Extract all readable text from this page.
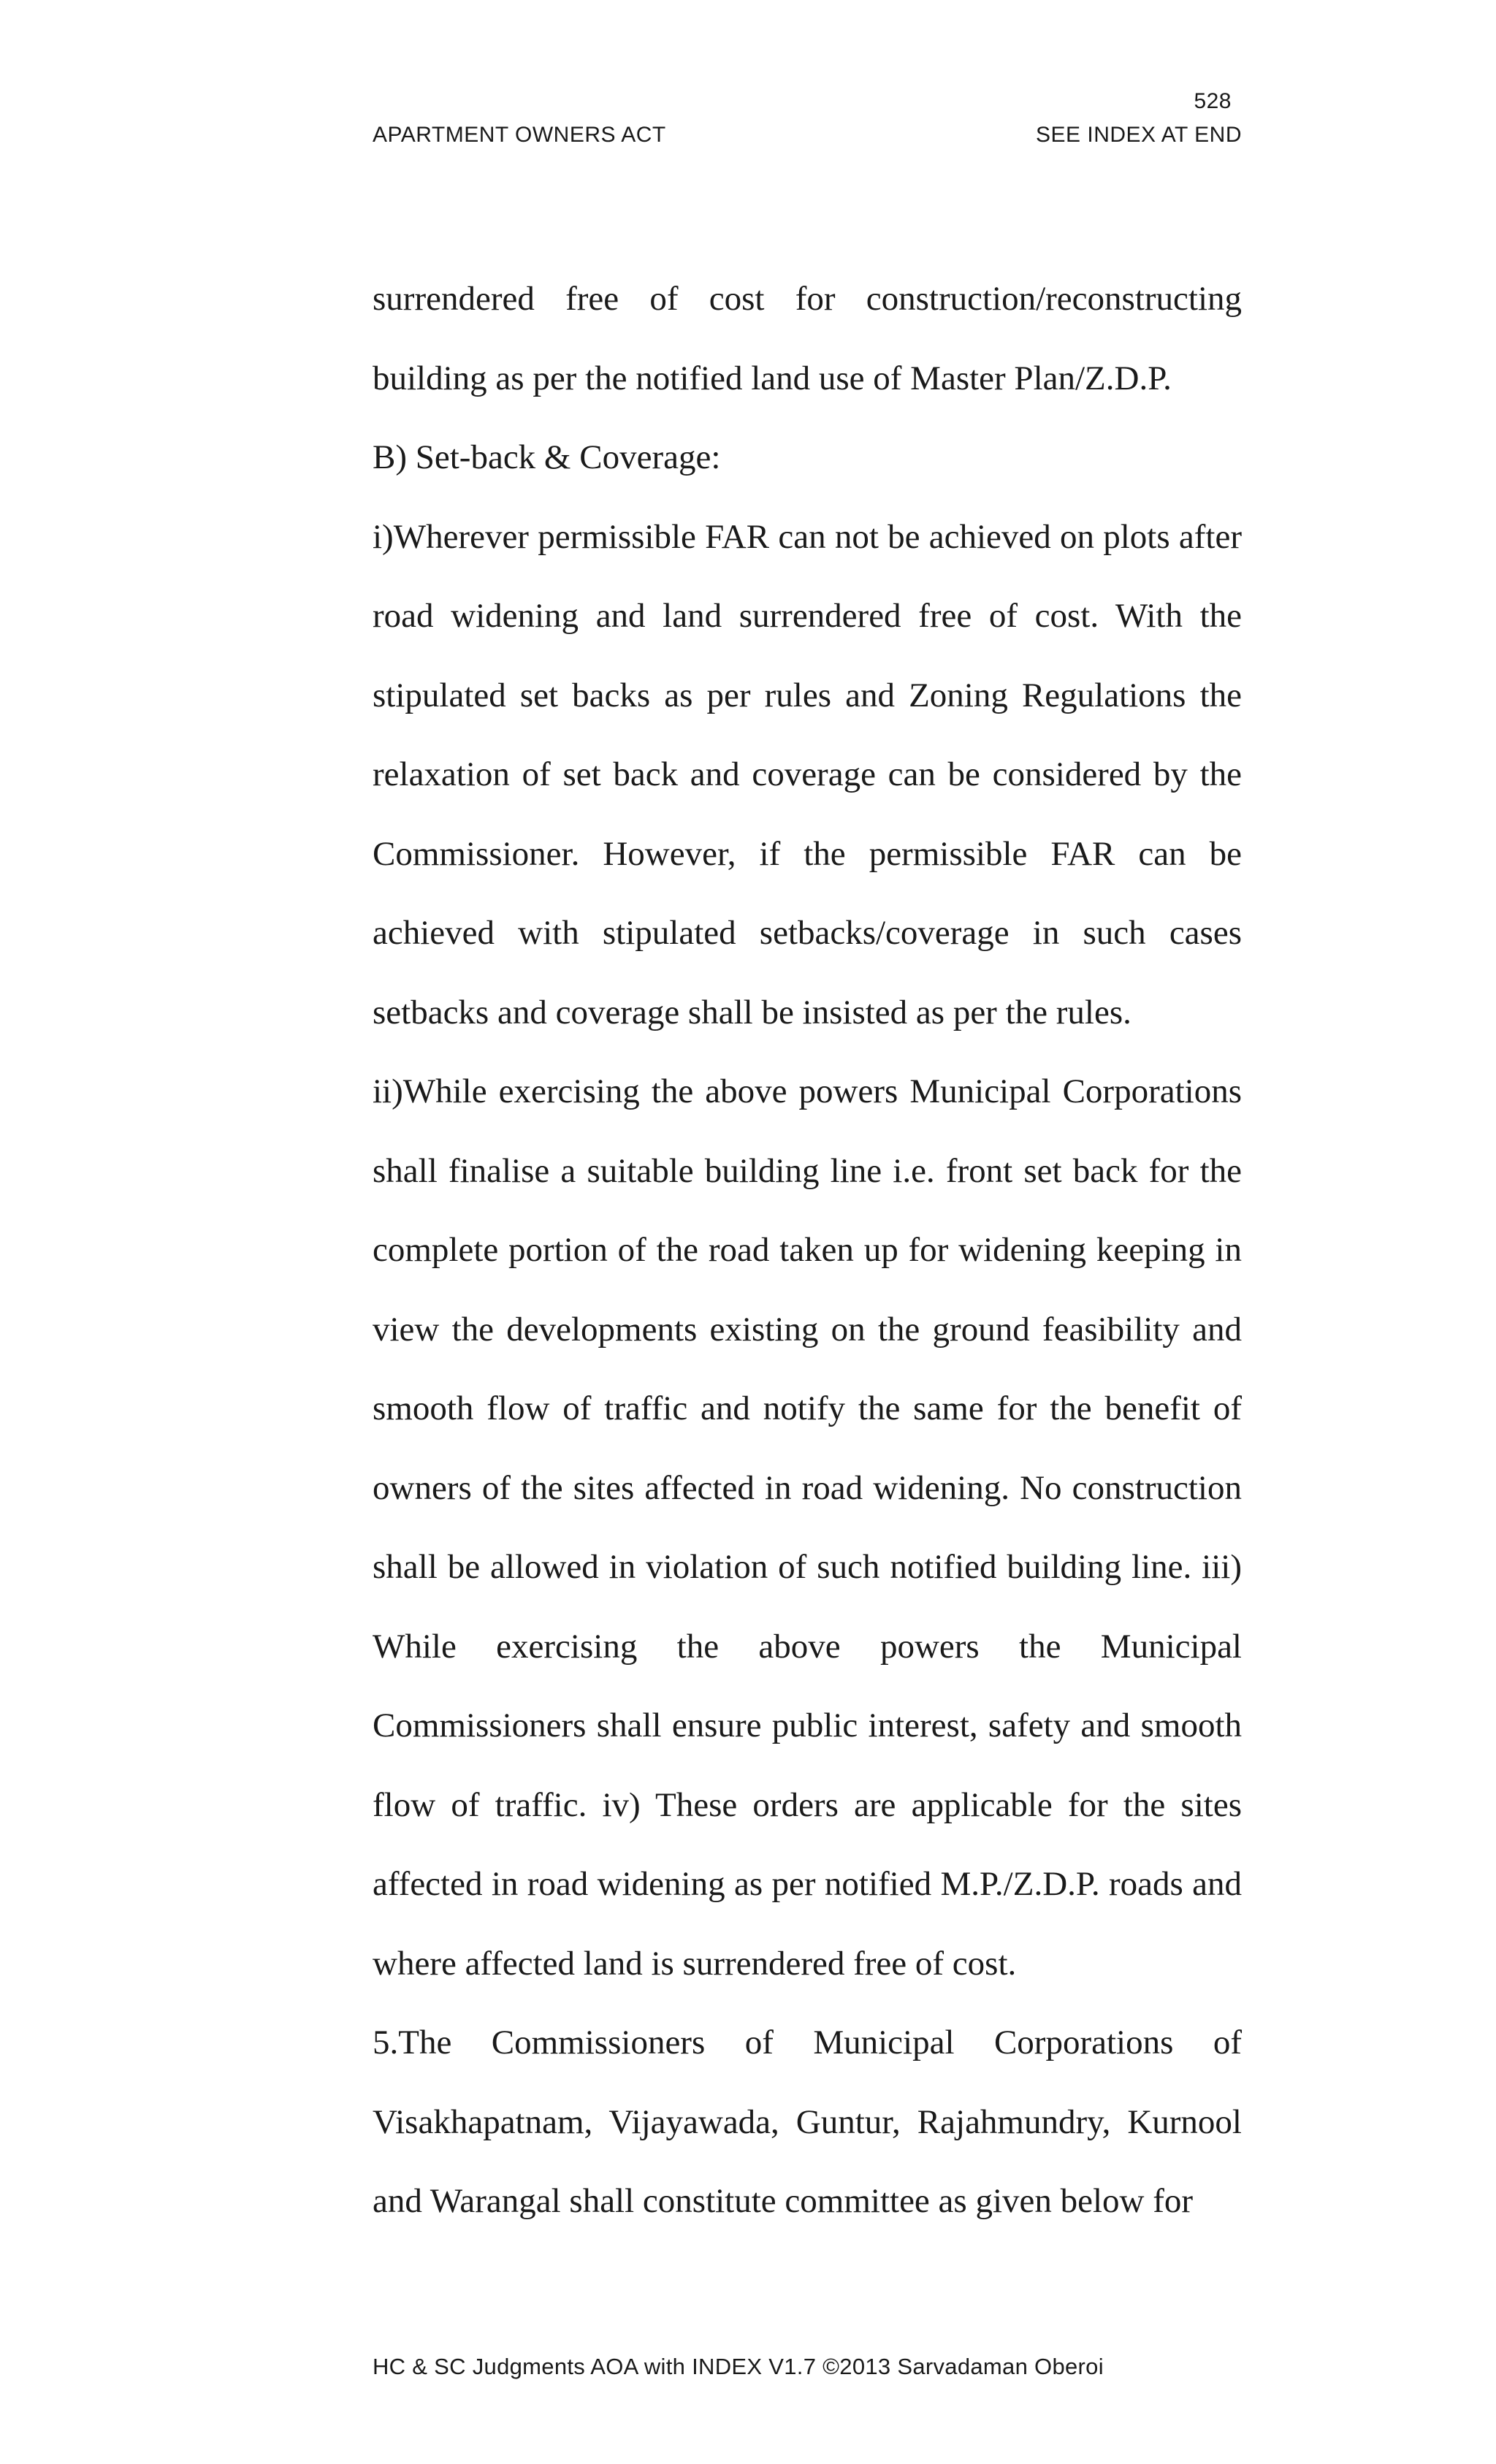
528
APARTMENT OWNERS ACT	SEE INDEX AT END

surrendered free of cost for construction/reconstructing building as per the notified land use of Master Plan/Z.D.P.

B) Set-back & Coverage:

i)Wherever permissible FAR can not be achieved on plots after road widening and land surrendered free of cost. With the stipulated set backs as per rules and Zoning Regulations the relaxation of set back and coverage can be considered by the Commissioner. However, if the permissible FAR can be achieved with stipulated setbacks/coverage in such cases setbacks and coverage shall be insisted as per the rules.

ii)While exercising the above powers Municipal Corporations shall finalise a suitable building line i.e. front set back for the complete portion of the road taken up for widening keeping in view the developments existing on the ground feasibility and smooth flow of traffic and notify the same for the benefit of owners of the sites affected in road widening. No construction shall be allowed in violation of such notified building line. iii) While exercising the above powers the Municipal Commissioners shall ensure public interest, safety and smooth flow of traffic. iv) These orders are applicable for the sites affected in road widening as per notified M.P./Z.D.P. roads and where affected land is surrendered free of cost.

5.The Commissioners of Municipal Corporations of Visakhapatnam, Vijayawada, Guntur, Rajahmundry, Kurnool and Warangal shall constitute committee as given below for

HC & SC Judgments AOA with INDEX V1.7 ©2013 Sarvadaman Oberoi
